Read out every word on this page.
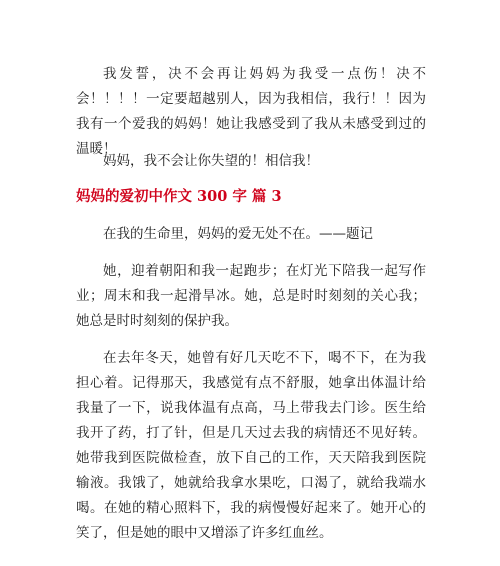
我发誓，决不会再让妈妈为我受一点伤！决不会！！！！一定要超越别人，因为我相信，我行！！因为我有一个爱我的妈妈！她让我感受到了我从未感受到过的温暖！

妈妈，我不会让你失望的！相信我！

妈妈的爱初中作文 300 字 篇 3

在我的生命里，妈妈的爱无处不在。——题记

她，迎着朝阳和我一起跑步；在灯光下陪我一起写作业；周末和我一起滑旱冰。她，总是时时刻刻的关心我；她总是时时刻刻的保护我。

在去年冬天，她曾有好几天吃不下，喝不下，在为我担心着。记得那天，我感觉有点不舒服，她拿出体温计给我量了一下，说我体温有点高，马上带我去门诊。医生给我开了药，打了针，但是几天过去我的病情还不见好转。她带我到医院做检查，放下自己的工作，天天陪我到医院输液。我饿了，她就给我拿水果吃，口渴了，就给我端水喝。在她的精心照料下，我的病慢慢好起来了。她开心的笑了，但是她的眼中又增添了许多红血丝。
